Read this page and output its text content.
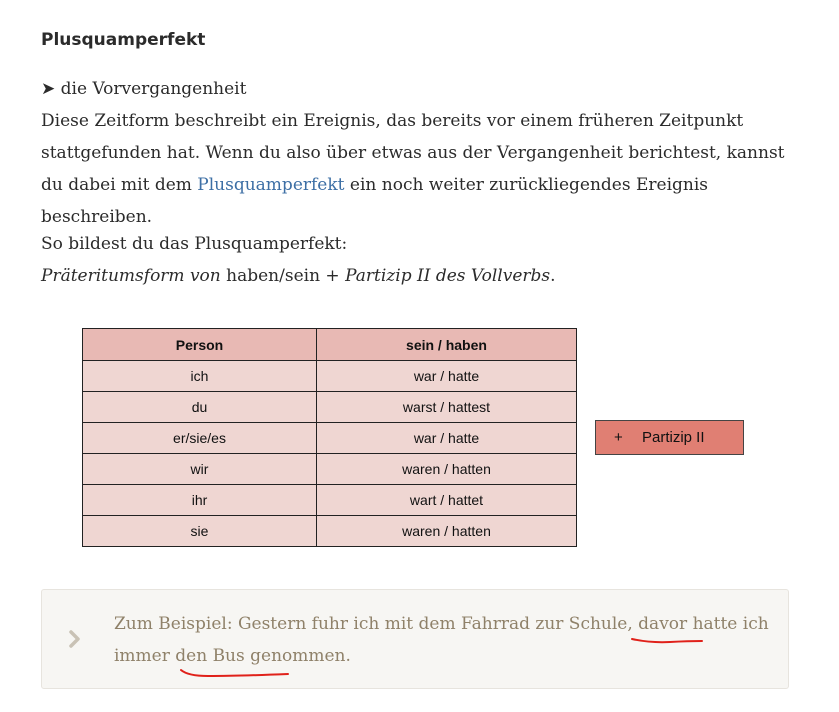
Plusquamperfekt
➤ die Vorvergangenheit
Diese Zeitform beschreibt ein Ereignis, das bereits vor einem früheren Zeitpunkt stattgefunden hat. Wenn du also über etwas aus der Vergangenheit berichtest, kannst du dabei mit dem Plusquamperfekt ein noch weiter zurückliegendes Ereignis beschreiben.
So bildest du das Plusquamperfekt:
Präteritumsform von haben/sein + Partizip II des Vollverbs.
Person	sein / haben
ich	war / hatte
du	warst / hattest
er/sie/es	war / hatte
wir	waren / hatten
ihr	wart / hattet
sie	waren / hatten
+	Partizip II
Zum Beispiel: Gestern fuhr ich mit dem Fahrrad zur Schule, davor hatte ich immer den Bus genommen.
